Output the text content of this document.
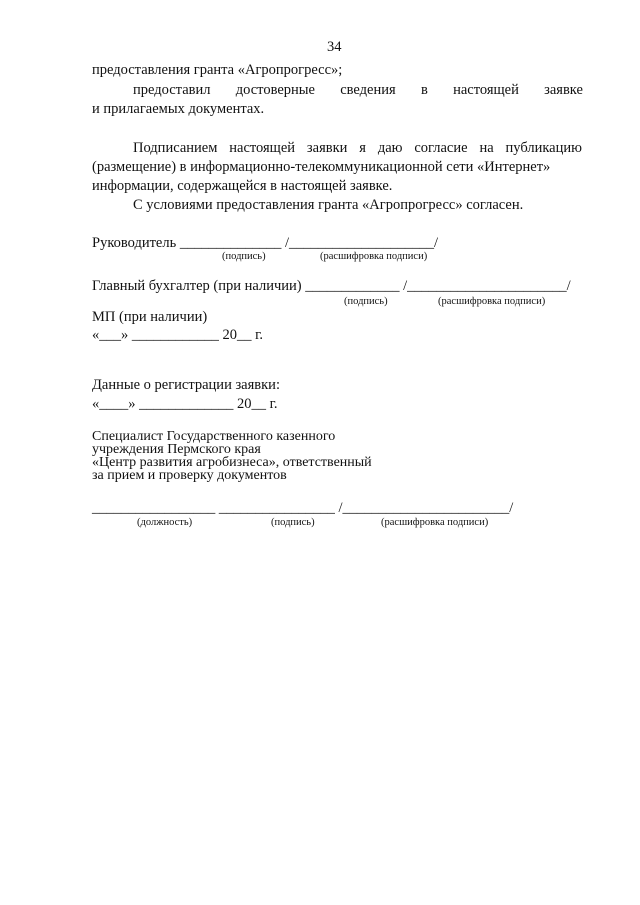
34
предоставления гранта «Агропрогресс»;
предоставил достоверные сведения в настоящей заявке
и прилагаемых документах.
Подписанием настоящей заявки я даю согласие на публикацию
(размещение) в информационно-телекоммуникационной сети «Интернет»
информации, содержащейся в настоящей заявке.
С условиями предоставления гранта «Агропрогресс» согласен.
Руководитель ______________ /____________________/
(подпись)	(расшифровка подписи)
Главный бухгалтер (при наличии) _____________ /______________________/
(подпись)	(расшифровка подписи)
МП (при наличии)
«___» ____________ 20__ г.
Данные о регистрации заявки:
«____» _____________ 20__ г.
Специалист Государственного казенного
учреждения Пермского края
«Центр развития агробизнеса», ответственный
за прием и проверку документов
_________________ ________________ /_______________________/
(должность)	(подпись)	(расшифровка подписи)
